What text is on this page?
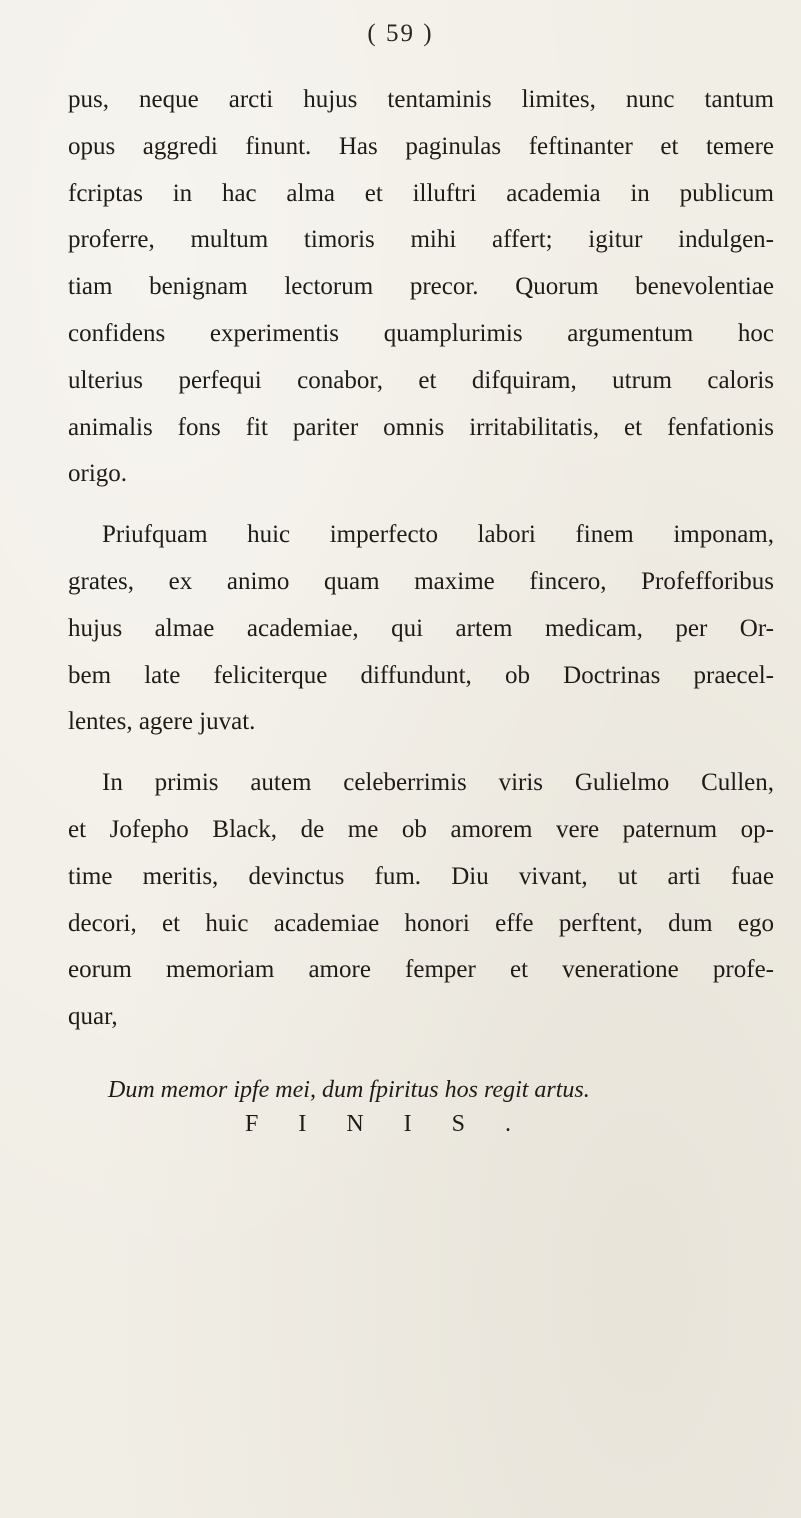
( 59 )
pus, neque arcti hujus tentaminis limites, nunc tantum
opus aggredi finunt. Has paginulas feftinanter et temere
fcriptas in hac alma et illuftri academia in publicum
proferre, multum timoris mihi affert; igitur indulgen-
tiam benignam lectorum precor. Quorum benevolentiae
confidens experimentis quamplurimis argumentum hoc
ulterius perfequi conabor, et difquiram, utrum caloris
animalis fons fit pariter omnis irritabilitatis, et fenfationis
origo.
Priufquam huic imperfecto labori finem imponam,
grates, ex animo quam maxime fincero, Profefforibus
hujus almae academiae, qui artem medicam, per Or-
bem late feliciterque diffundunt, ob Doctrinas praecel-
lentes, agere juvat.
In primis autem celeberrimis viris Gulielmo Cullen,
et Jofepho Black, de me ob amorem vere paternum op-
time meritis, devinctus fum. Diu vivant, ut arti fuae
decori, et huic academiae honori effe perftent, dum ego
eorum memoriam amore femper et veneratione profe-
quar,
Dum memor ipfe mei, dum fpiritus hos regit artus.
FINIS.
